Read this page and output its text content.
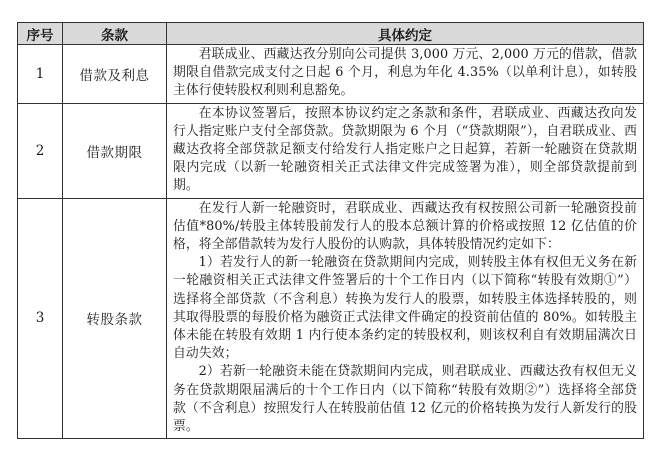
序号	条款	具体约定
1	借款及利息	君联成业、西藏达孜分别向公司提供 3,000 万元、2,000 万元的借款，借款期限自借款完成支付之日起 6 个月，利息为年化 4.35%（以单利计息），如转股主体行使转股权利则利息豁免。

2	借款期限	在本协议签署后，按照本协议约定之条款和条件，君联成业、西藏达孜向发行人指定账户支付全部贷款。贷款期限为 6 个月（“贷款期限”），自君联成业、西藏达孜将全部贷款足额支付给发行人指定账户之日起算，若新一轮融资在贷款期限内完成（以新一轮融资相关正式法律文件完成签署为准），则全部贷款提前到期。

3	转股条款	在发行人新一轮融资时，君联成业、西藏达孜有权按照公司新一轮融资投前估值*80%/转股主体转股前发行人的股本总额计算的价格或按照 12 亿估值的价格，将全部借款转为发行人股份的认购款，具体转股情况约定如下：

1）若发行人的新一轮融资在贷款期间内完成，则转股主体有权但无义务在新一轮融资相关正式法律文件签署后的十个工作日内（以下简称“转股有效期①”）选择将全部贷款（不含利息）转换为发行人的股票，如转股主体选择转股的，则其取得股票的每股价格为融资正式法律文件确定的投资前估值的 80%。如转股主体未能在转股有效期 1 内行使本条约定的转股权利，则该权利自有效期届满次日自动失效；

2）若新一轮融资未能在贷款期间内完成，则君联成业、西藏达孜有权但无义务在贷款期限届满后的十个工作日内（以下简称“转股有效期②”）选择将全部贷款（不含利息）按照发行人在转股前估值 12 亿元的价格转换为发行人新发行的股票。
